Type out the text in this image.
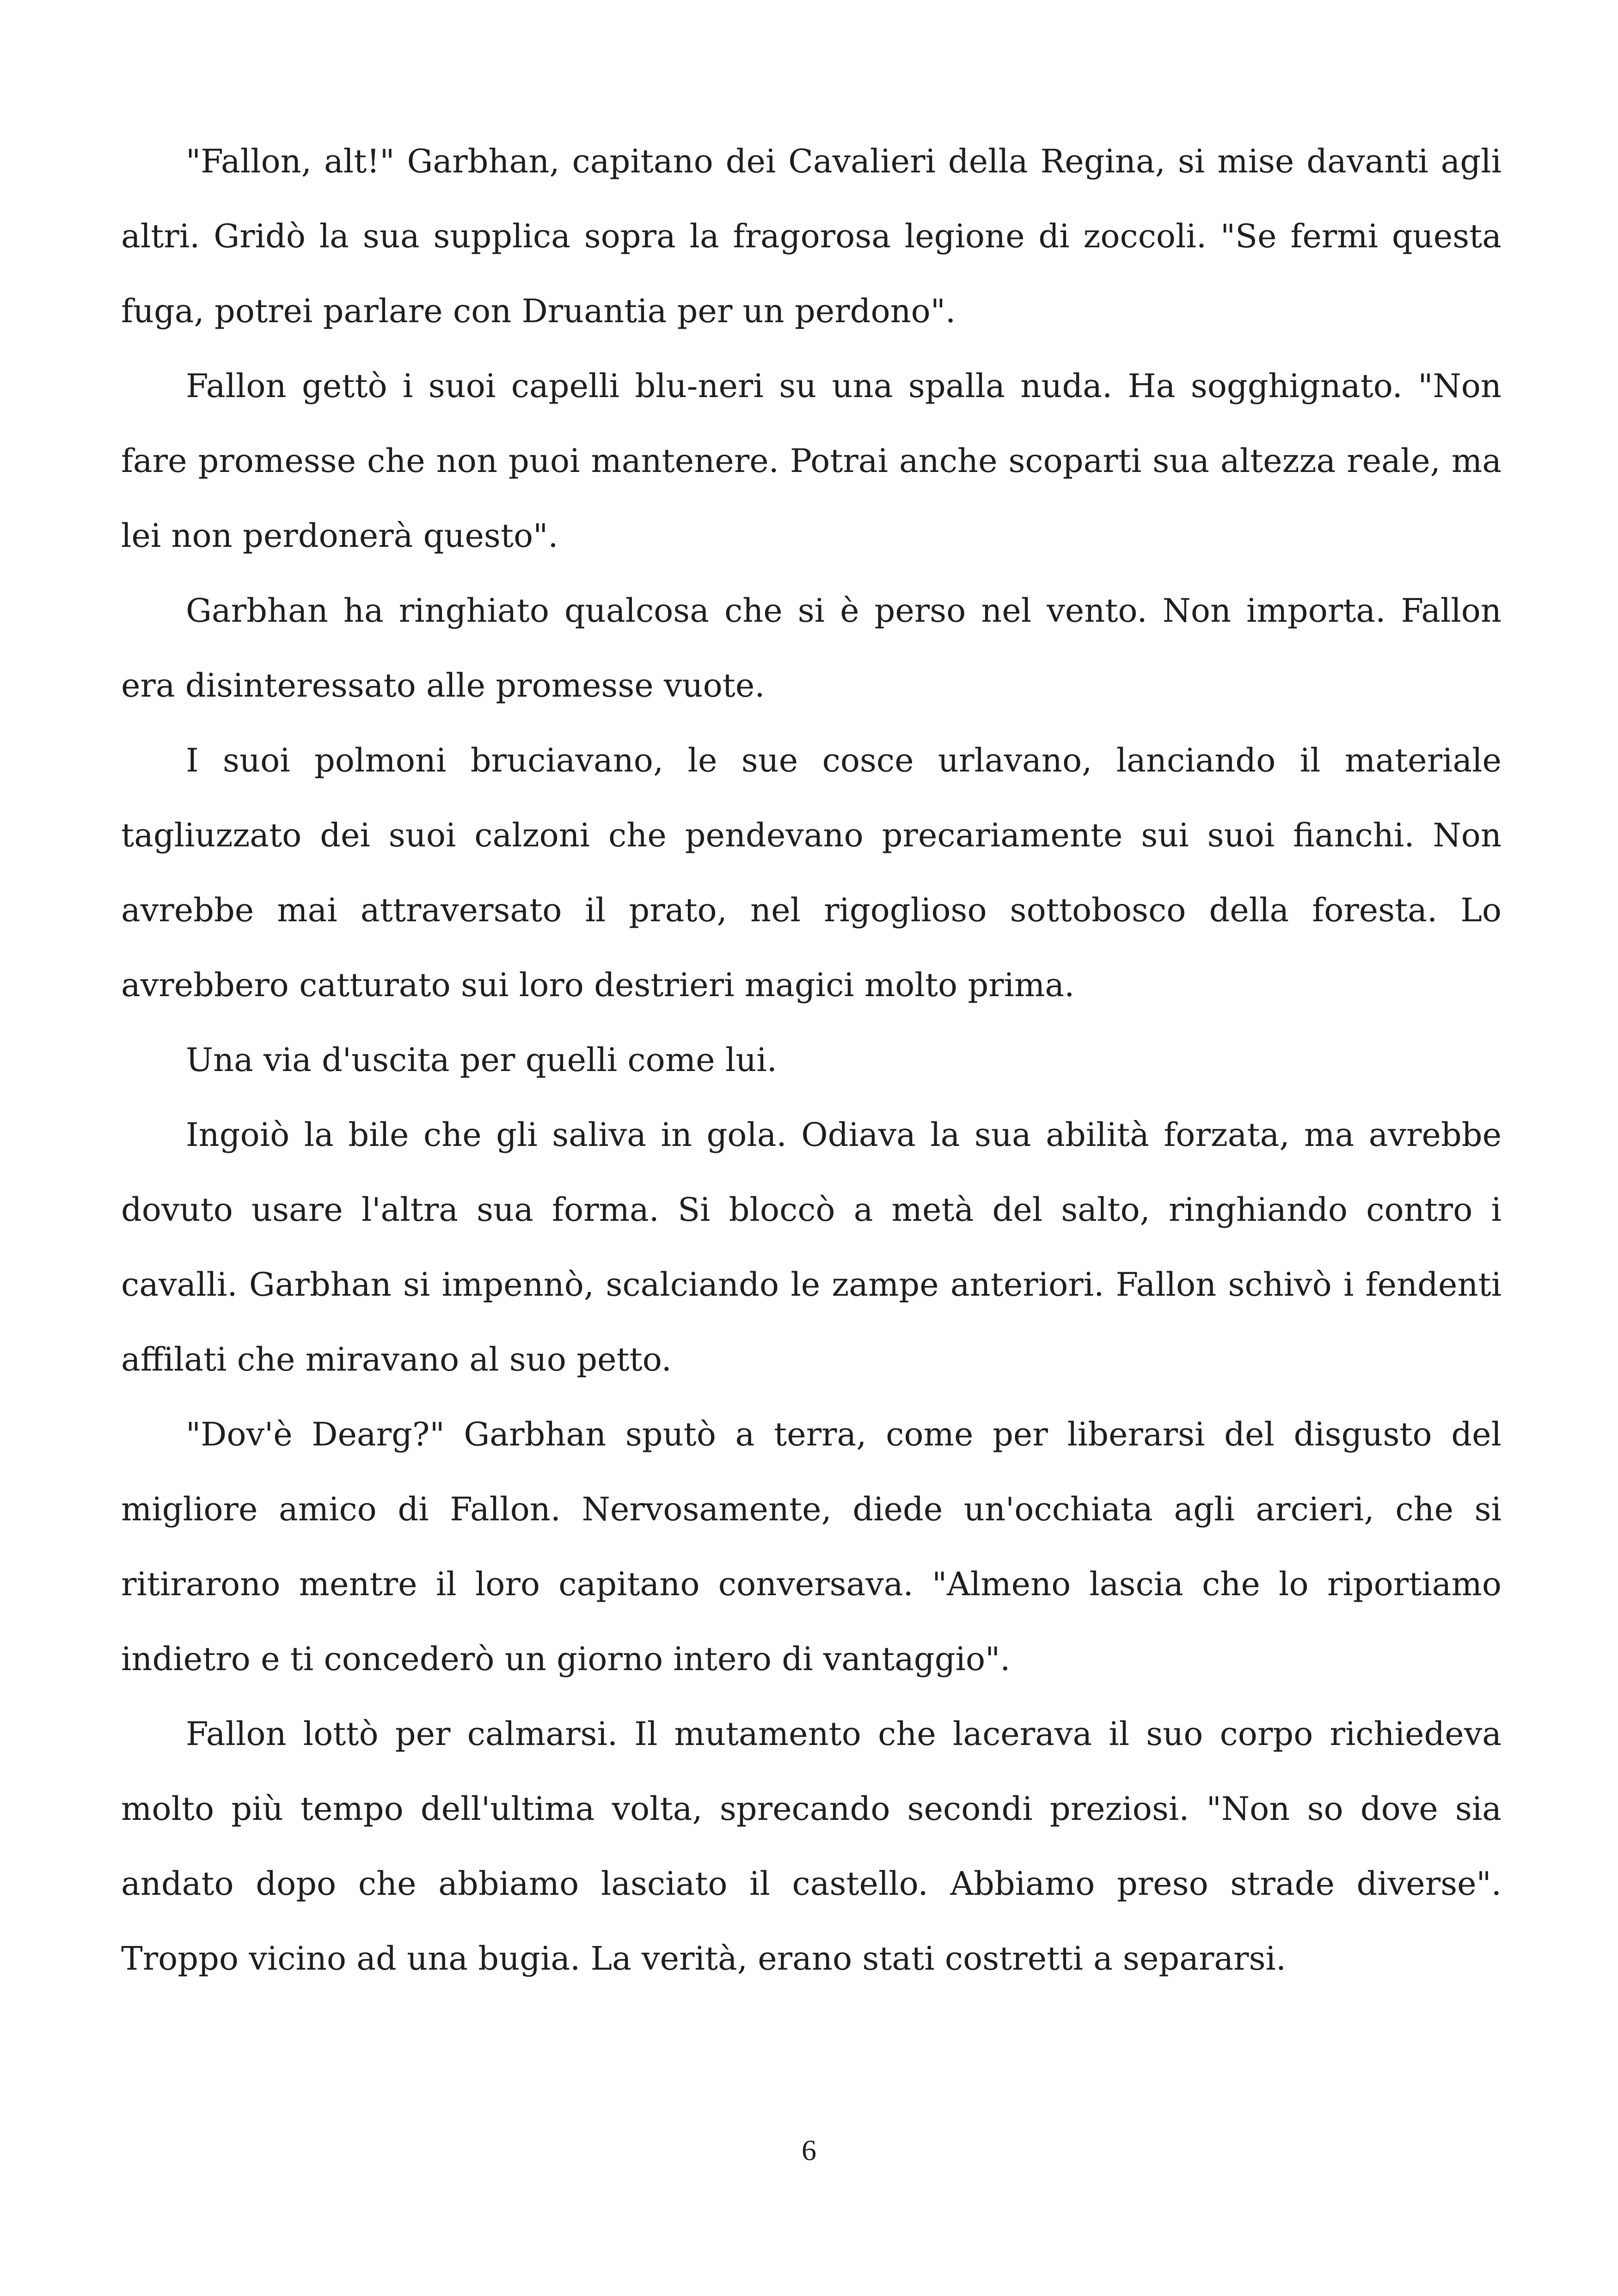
"Fallon, alt!" Garbhan, capitano dei Cavalieri della Regina, si mise davanti agli altri. Gridò la sua supplica sopra la fragorosa legione di zoccoli. "Se fermi questa fuga, potrei parlare con Druantia per un perdono".

Fallon gettò i suoi capelli blu-neri su una spalla nuda. Ha sogghignato. "Non fare promesse che non puoi mantenere. Potrai anche scoparti sua altezza reale, ma lei non perdonerà questo".

Garbhan ha ringhiato qualcosa che si è perso nel vento. Non importa. Fallon era disinteressato alle promesse vuote.

I suoi polmoni bruciavano, le sue cosce urlavano, lanciando il materiale tagliuzzato dei suoi calzoni che pendevano precariamente sui suoi fianchi. Non avrebbe mai attraversato il prato, nel rigoglioso sottobosco della foresta. Lo avrebbero catturato sui loro destrieri magici molto prima.

Una via d'uscita per quelli come lui.

Ingoiò la bile che gli saliva in gola. Odiava la sua abilità forzata, ma avrebbe dovuto usare l'altra sua forma. Si bloccò a metà del salto, ringhiando contro i cavalli. Garbhan si impennò, scalciando le zampe anteriori. Fallon schivò i fendenti affilati che miravano al suo petto.

"Dov'è Dearg?" Garbhan sputò a terra, come per liberarsi del disgusto del migliore amico di Fallon. Nervosamente, diede un'occhiata agli arcieri, che si ritirarono mentre il loro capitano conversava. "Almeno lascia che lo riportiamo indietro e ti concederò un giorno intero di vantaggio".

Fallon lottò per calmarsi. Il mutamento che lacerava il suo corpo richiedeva molto più tempo dell'ultima volta, sprecando secondi preziosi. "Non so dove sia andato dopo che abbiamo lasciato il castello. Abbiamo preso strade diverse". Troppo vicino ad una bugia. La verità, erano stati costretti a separarsi.

6
